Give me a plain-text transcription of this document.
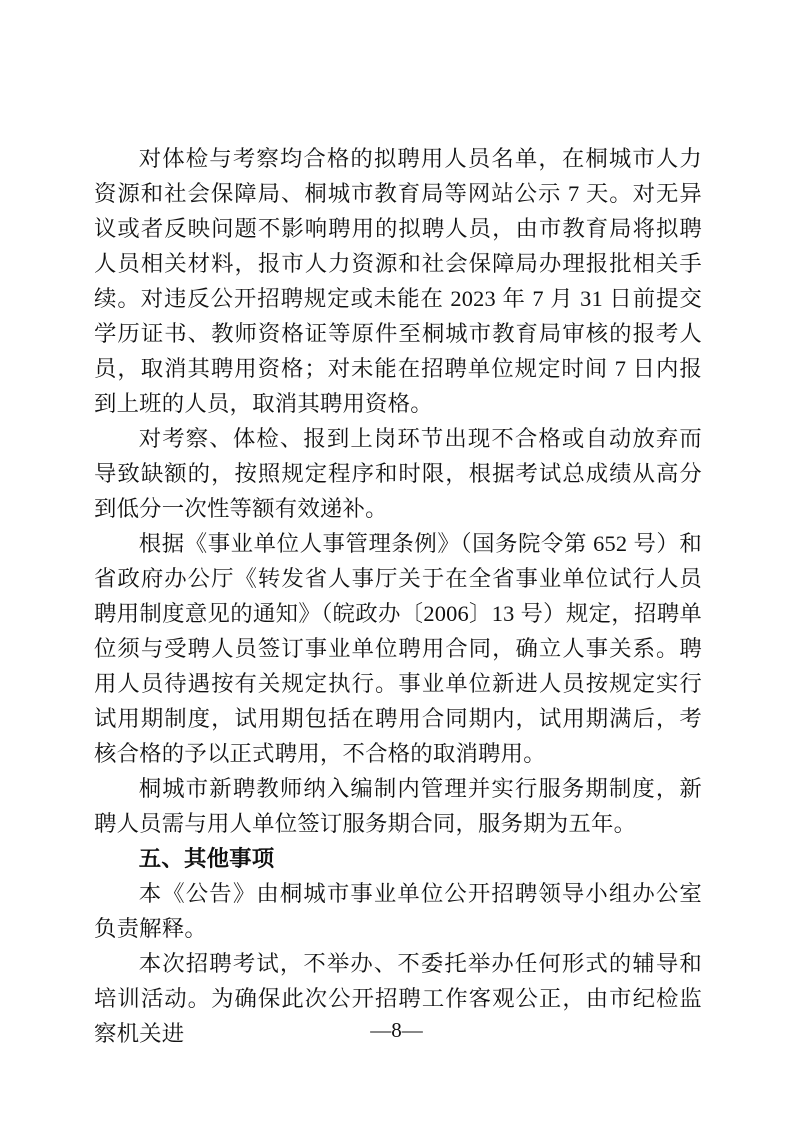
对体检与考察均合格的拟聘用人员名单，在桐城市人力资源和社会保障局、桐城市教育局等网站公示 7 天。对无异议或者反映问题不影响聘用的拟聘人员，由市教育局将拟聘人员相关材料，报市人力资源和社会保障局办理报批相关手续。对违反公开招聘规定或未能在 2023 年 7 月 31 日前提交学历证书、教师资格证等原件至桐城市教育局审核的报考人员，取消其聘用资格；对未能在招聘单位规定时间 7 日内报到上班的人员，取消其聘用资格。

对考察、体检、报到上岗环节出现不合格或自动放弃而导致缺额的，按照规定程序和时限，根据考试总成绩从高分到低分一次性等额有效递补。

根据《事业单位人事管理条例》（国务院令第 652 号）和省政府办公厅《转发省人事厅关于在全省事业单位试行人员聘用制度意见的通知》（皖政办〔2006〕13 号）规定，招聘单位须与受聘人员签订事业单位聘用合同，确立人事关系。聘用人员待遇按有关规定执行。事业单位新进人员按规定实行试用期制度，试用期包括在聘用合同期内，试用期满后，考核合格的予以正式聘用，不合格的取消聘用。

桐城市新聘教师纳入编制内管理并实行服务期制度，新聘人员需与用人单位签订服务期合同，服务期为五年。

五、其他事项

本《公告》由桐城市事业单位公开招聘领导小组办公室负责解释。

本次招聘考试，不举办、不委托举办任何形式的辅导和培训活动。为确保此次公开招聘工作客观公正，由市纪检监察机关进	—8—
